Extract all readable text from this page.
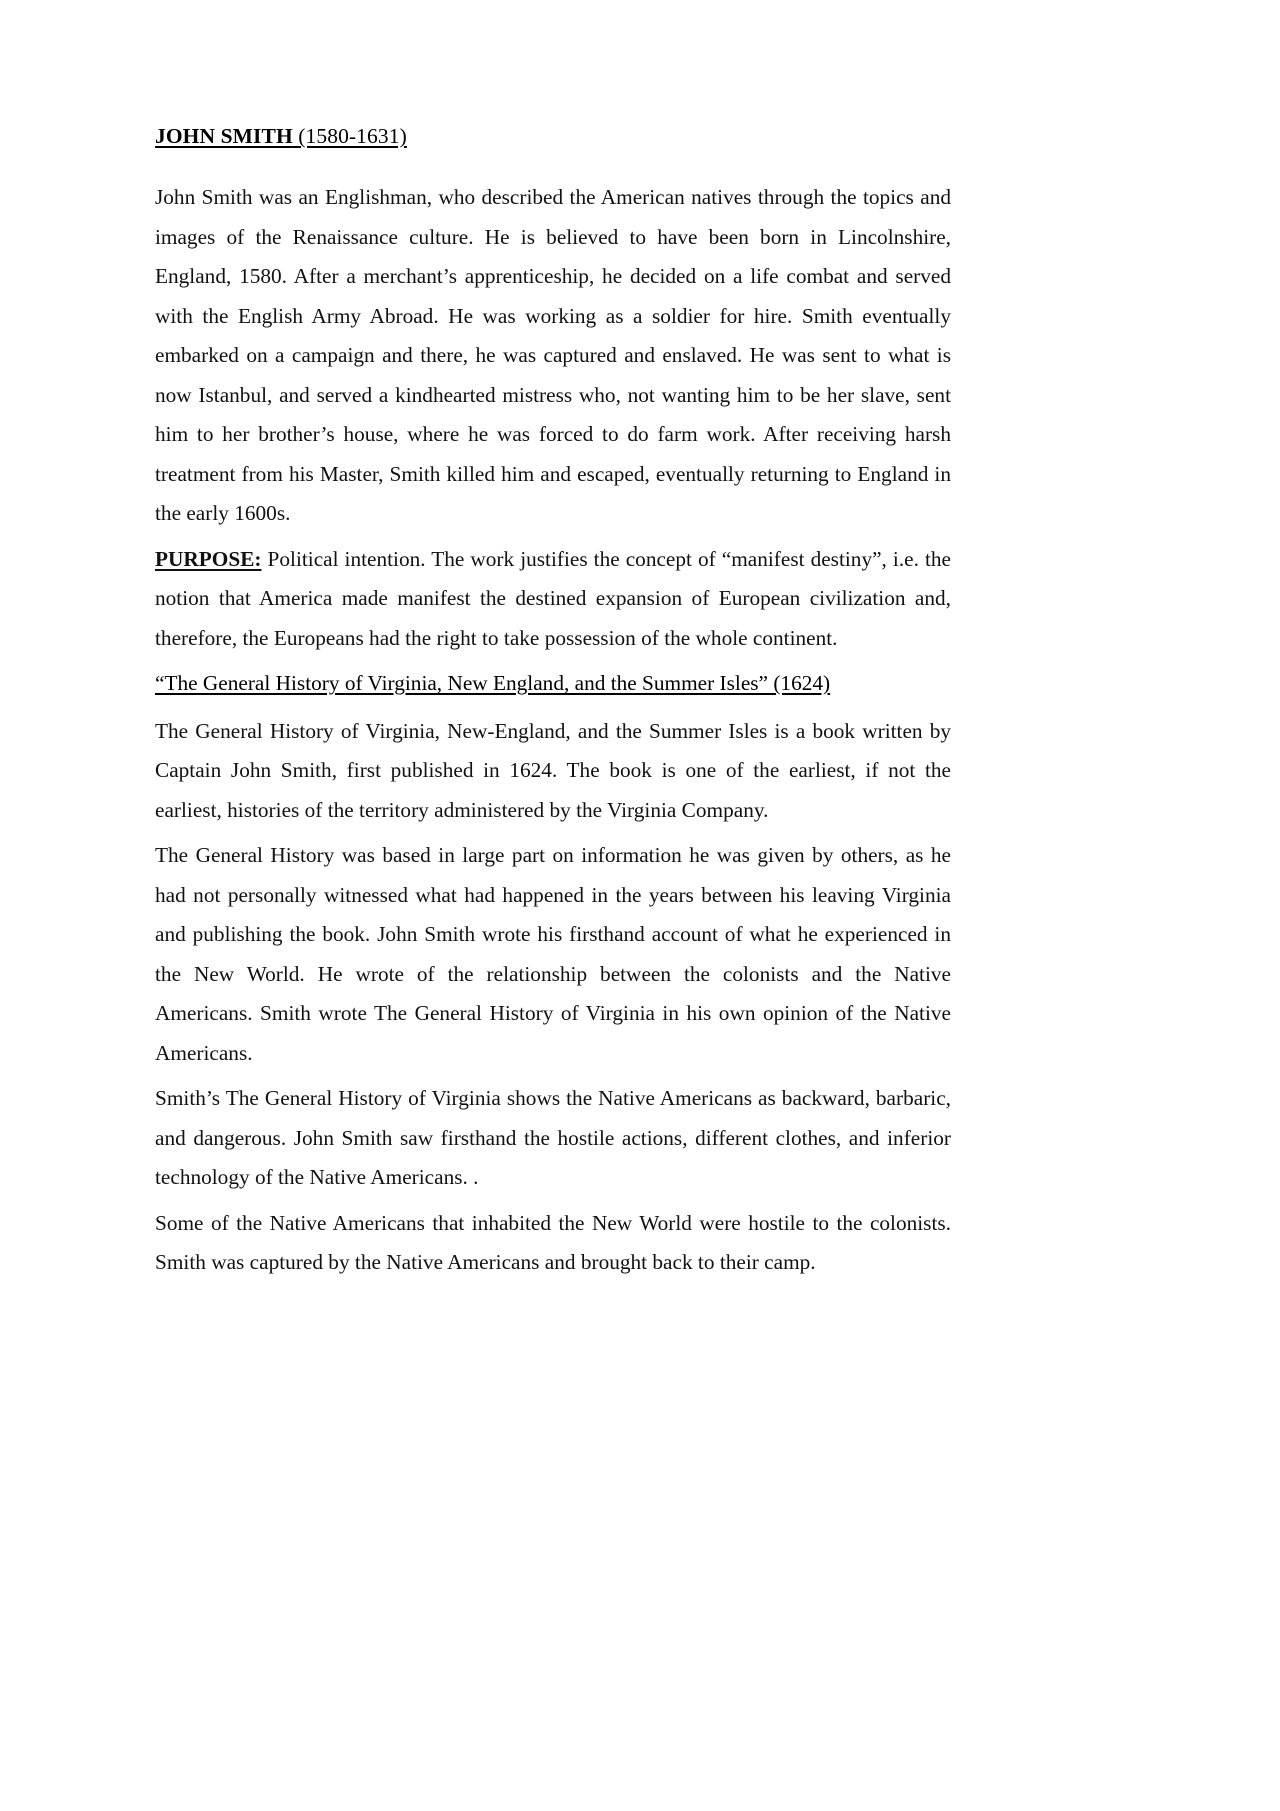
JOHN SMITH (1580-1631)

John Smith was an Englishman, who described the American natives through the topics and images of the Renaissance culture. He is believed to have been born in Lincolnshire, England, 1580. After a merchant’s apprenticeship, he decided on a life combat and served with the English Army Abroad. He was working as a soldier for hire. Smith eventually embarked on a campaign and there, he was captured and enslaved. He was sent to what is now Istanbul, and served a kindhearted mistress who, not wanting him to be her slave, sent him to her brother’s house, where he was forced to do farm work. After receiving harsh treatment from his Master, Smith killed him and escaped, eventually returning to England in the early 1600s.

PURPOSE: Political intention. The work justifies the concept of “manifest destiny”, i.e. the notion that America made manifest the destined expansion of European civilization and, therefore, the Europeans had the right to take possession of the whole continent.

“The General History of Virginia, New England, and the Summer Isles” (1624)

The General History of Virginia, New-England, and the Summer Isles is a book written by Captain John Smith, first published in 1624. The book is one of the earliest, if not the earliest, histories of the territory administered by the Virginia Company.

The General History was based in large part on information he was given by others, as he had not personally witnessed what had happened in the years between his leaving Virginia and publishing the book. John Smith wrote his firsthand account of what he experienced in the New World. He wrote of the relationship between the colonists and the Native Americans. Smith wrote The General History of Virginia in his own opinion of the Native Americans.

Smith’s The General History of Virginia shows the Native Americans as backward, barbaric, and dangerous. John Smith saw firsthand the hostile actions, different clothes, and inferior technology of the Native Americans. .

Some of the Native Americans that inhabited the New World were hostile to the colonists. Smith was captured by the Native Americans and brought back to their camp.
